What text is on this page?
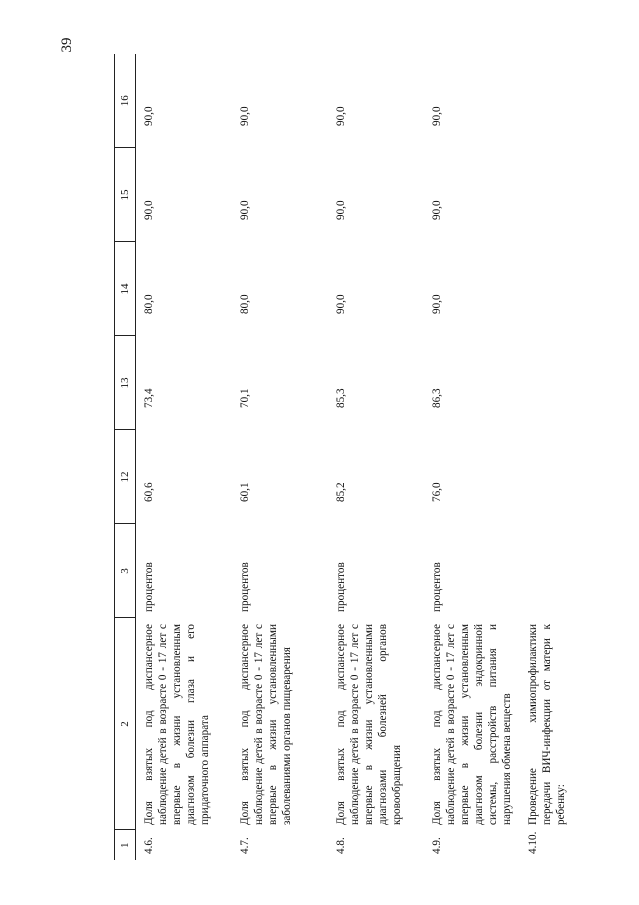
39
1	2	3	12	13	14	15	16
4.6.	Доля взятых под диспансерное наблюдение детей в возрасте 0 - 17 лет с впервые в жизни установленным диагнозом болезни глаза и его придаточного аппарата	процентов	60,6	73,4	80,0	90,0	90,0
4.7.	Доля взятых под диспансерное наблюдение детей в возрасте 0 - 17 лет с впервые в жизни установленными заболеваниями органов пищеварения	процентов	60,1	70,1	80,0	90,0	90,0
4.8.	Доля взятых под диспансерное наблюдение детей в возрасте 0 - 17 лет с впервые в жизни установленными диагнозами болезней органов кровообращения	процентов	85,2	85,3	90,0	90,0	90,0
4.9.	Доля взятых под диспансерное наблюдение детей в возрасте 0 - 17 лет с впервые в жизни установленным диагнозом болезни эндокринной системы, расстройств питания и нарушения обмена веществ	процентов	76,0	86,3	90,0	90,0	90,0
4.10.	Проведение химиопрофилактики передачи ВИЧ-инфекции от матери к ребенку:						
